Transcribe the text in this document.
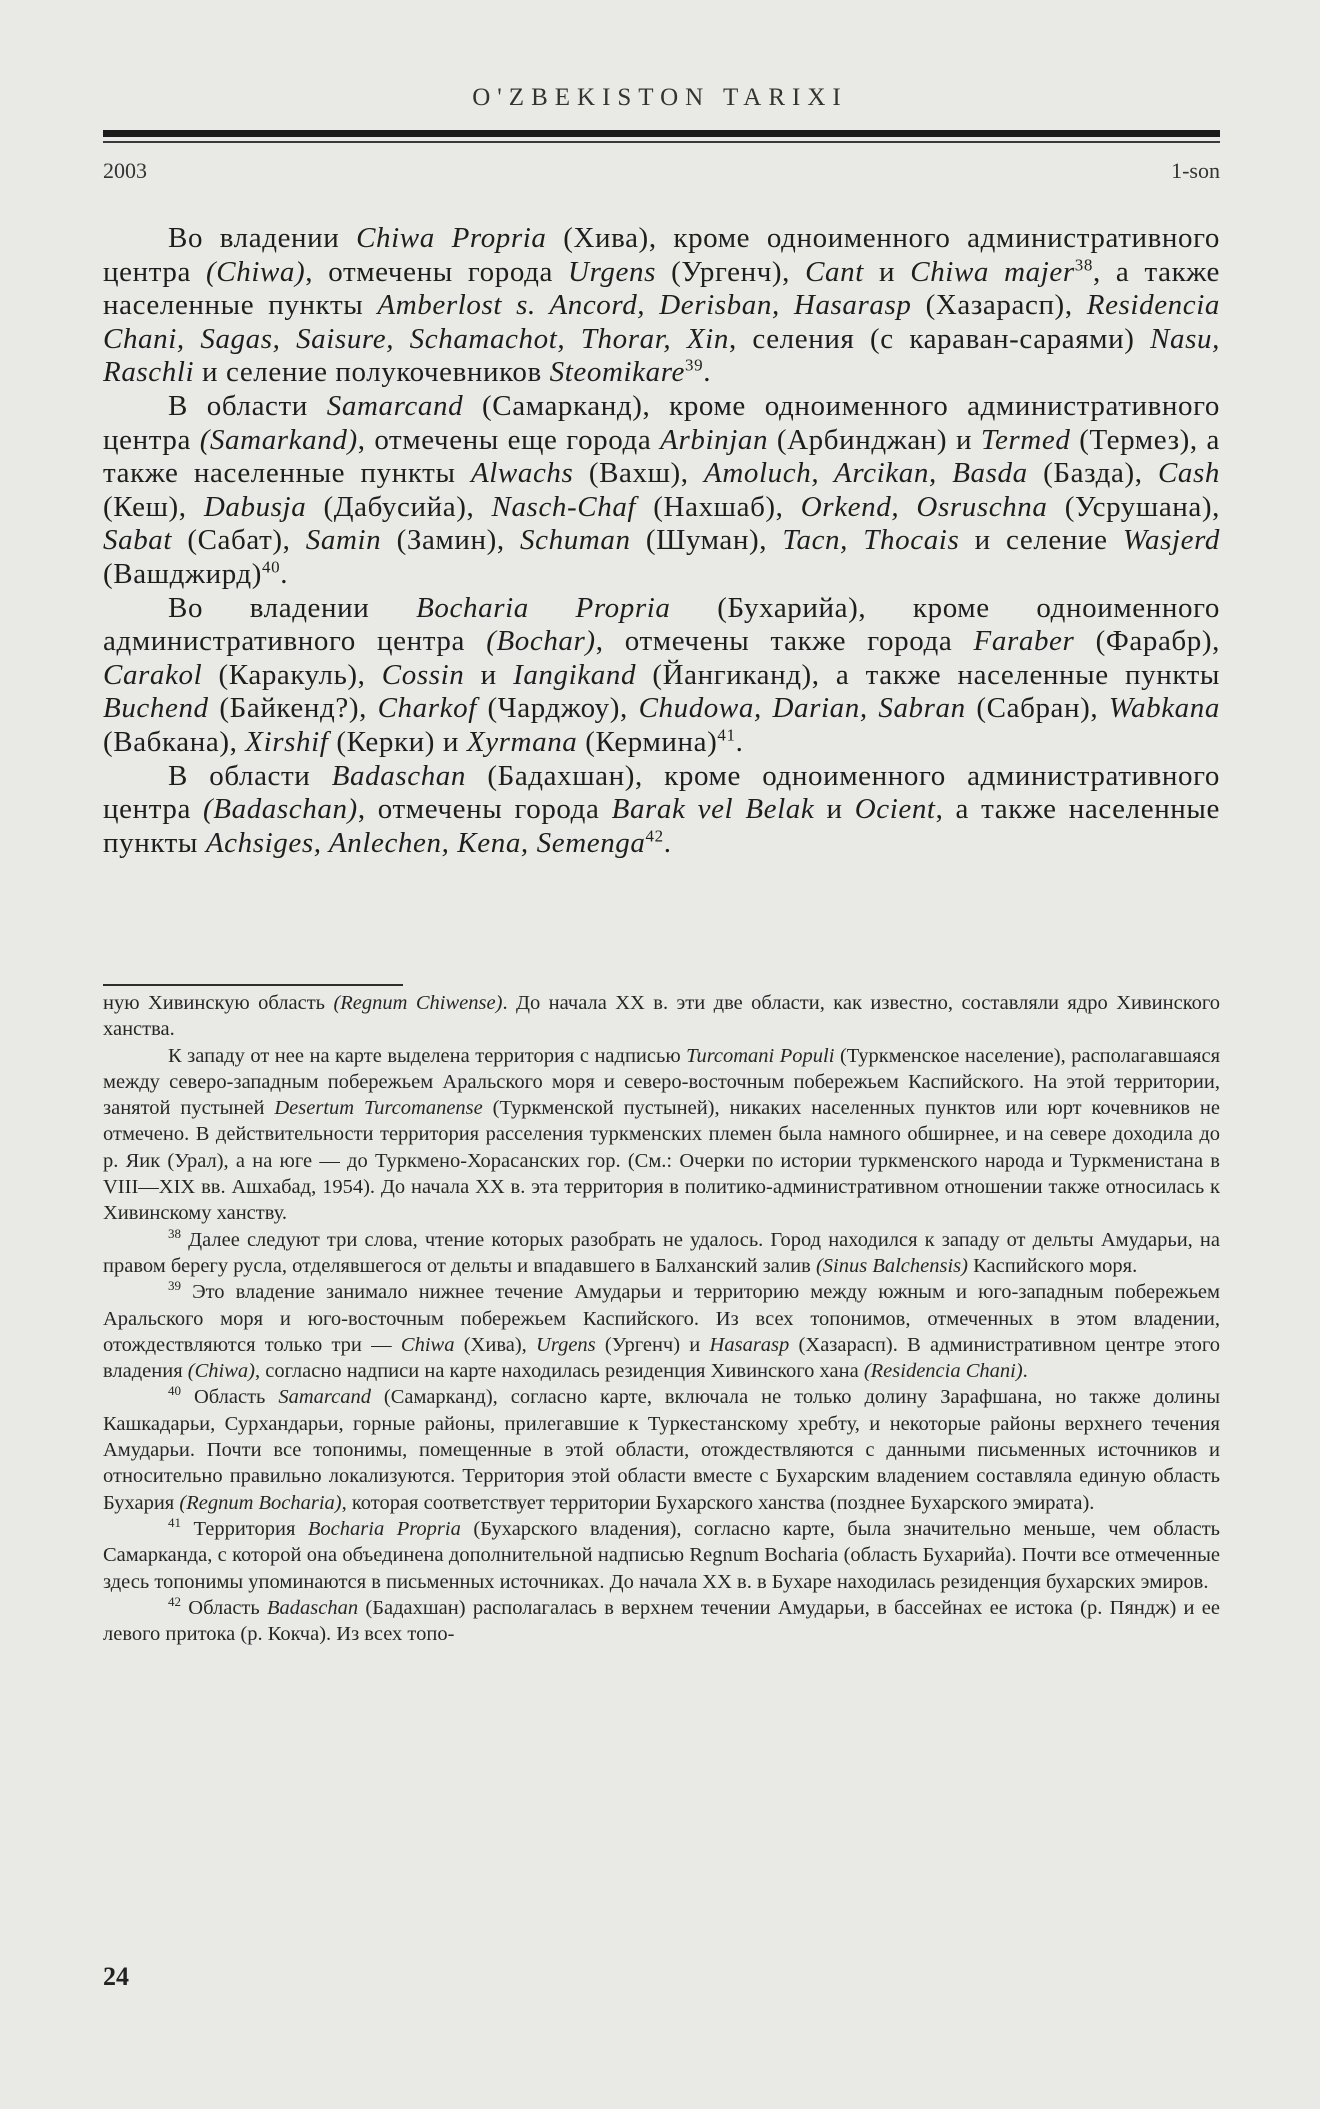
O'ZBEKISTON TARIXI
2003	1-son

Во владении Chiwa Propria (Хива), кроме одноименного административного центра (Chiwa), отмечены города Urgens (Ургенч), Cant и Chiwa majer$^{38}$, а также населенные пункты Amberlost s. Ancord, Derisban, Hasarasp (Хазарасп), Residencia Chani, Sagas, Saisure, Schamachot, Thorar, Xin, селения (с караван-сараями) Nasu, Raschli и селение полукочевников Steomikare$^{39}$.

В области Samarcand (Самарканд), кроме одноименного административного центра (Samarkand), отмечены еще города Arbinjan (Арбинджан) и Termed (Термез), а также населенные пункты Alwachs (Вахш), Amoluch, Arcikan, Basda (Базда), Cash (Кеш), Dabusja (Дабусийа), Nasch-Chaf (Нахшаб), Orkend, Osruschna (Усрушана), Sabat (Сабат), Samin (Замин), Schuman (Шуман), Tacn, Thocais и селение Wasjerd (Вашджирд)$^{40}$.

Во владении Bocharia Propria (Бухарийа), кроме одноименного административного центра (Bochar), отмечены также города Faraber (Фарабр), Carakol (Каракуль), Cossin и Iangikand (Йангиканд), а также населенные пункты Buchend (Байкенд?), Charkof (Чарджоу), Chudowa, Darian, Sabran (Сабран), Wabkana (Вабкана), Xirshif (Керки) и Xyrmana (Кермина)$^{41}$.

В области Badaschan (Бадахшан), кроме одноименного административного центра (Badaschan), отмечены города Barak vel Belak и Ocient, а также населенные пункты Achsiges, Anlechen, Kena, Semenga$^{42}$.

ную Хивинскую область (Regnum Chiwense). До начала XX в. эти две области, как известно, составляли ядро Хивинского ханства.

К западу от нее на карте выделена территория с надписью Turcomani Populi (Туркменское население), располагавшаяся между северо-западным побережьем Аральского моря и северо-восточным побережьем Каспийского. На этой территории, занятой пустыней Desertum Turcomanense (Туркменской пустыней), никаких населенных пунктов или юрт кочевников не отмечено. В действительности территория расселения туркменских племен была намного обширнее, и на севере доходила до р. Яик (Урал), а на юге — до Туркмено-Хорасанских гор. (См.: Очерки по истории туркменского народа и Туркменистана в VIII—XIX вв. Ашхабад, 1954). До начала XX в. эта территория в политико-административном отношении также относилась к Хивинскому ханству.

$^{38}$ Далее следуют три слова, чтение которых разобрать не удалось. Город находился к западу от дельты Амударьи, на правом берегу русла, отделявшегося от дельты и впадавшего в Балханский залив (Sinus Balchensis) Каспийского моря.

$^{39}$ Это владение занимало нижнее течение Амударьи и территорию между южным и юго-западным побережьем Аральского моря и юго-восточным побережьем Каспийского. Из всех топонимов, отмеченных в этом владении, отождествляются только три — Chiwa (Хива), Urgens (Ургенч) и Hasarasp (Хазарасп). В административном центре этого владения (Chiwa), согласно надписи на карте находилась резиденция Хивинского хана (Residencia Chani).

$^{40}$ Область Samarcand (Самарканд), согласно карте, включала не только долину Зарафшана, но также долины Кашкадарьи, Сурхандарьи, горные районы, прилегавшие к Туркестанскому хребту, и некоторые районы верхнего течения Амударьи. Почти все топонимы, помещенные в этой области, отождествляются с данными письменных источников и относительно правильно локализуются. Территория этой области вместе с Бухарским владением составляла единую область Бухария (Regnum Bocharia), которая соответствует территории Бухарского ханства (позднее Бухарского эмирата).

$^{41}$ Территория Bocharia Propria (Бухарского владения), согласно карте, была значительно меньше, чем область Самарканда, с которой она объединена дополнительной надписью Regnum Bocharia (область Бухарийа). Почти все отмеченные здесь топонимы упоминаются в письменных источниках. До начала XX в. в Бухаре находилась резиденция бухарских эмиров.

$^{42}$ Область Badaschan (Бадахшан) располагалась в верхнем течении Амударьи, в бассейнах ее истока (р. Пяндж) и ее левого притока (р. Кокча). Из всех топо-

24
